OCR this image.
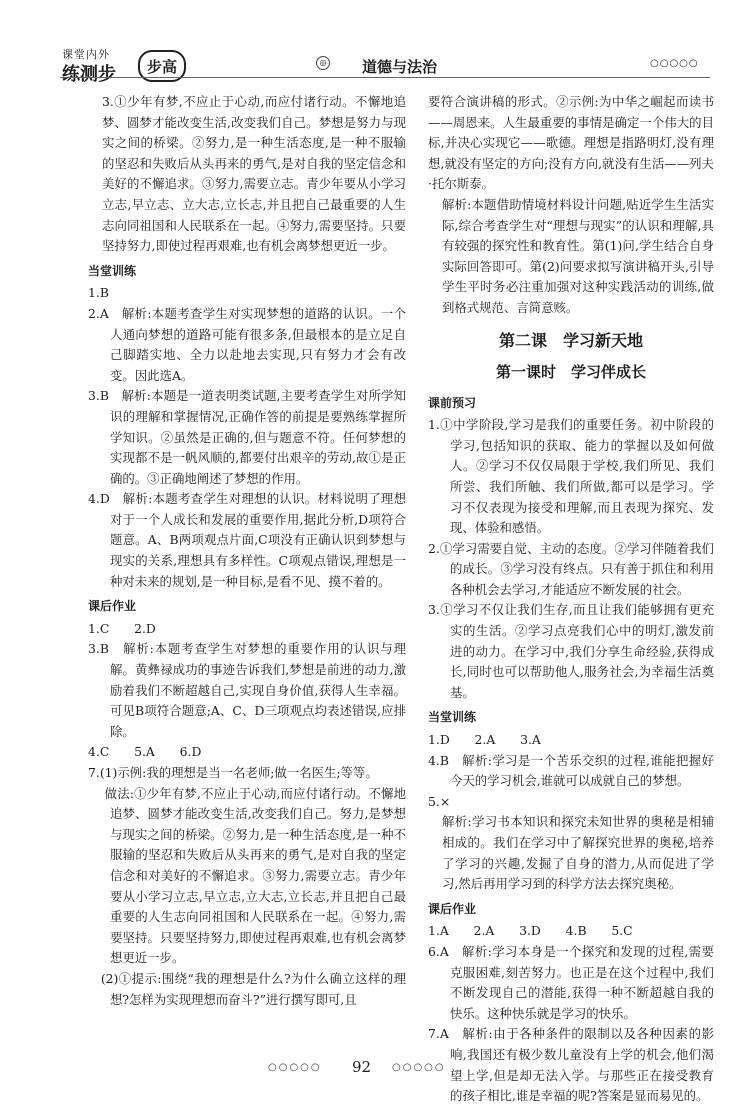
课堂内外
练测步	步高	◎ 道德与法治	○○○○○

3.①少年有梦,不应止于心动,而应付诸行动。不懈地追梦、圆梦才能改变生活,改变我们自己。梦想是努力与现实之间的桥梁。②努力,是一种生活态度,是一种不服输的坚忍和失败后从头再来的勇气,是对自我的坚定信念和美好的不懈追求。③努力,需要立志。青少年要从小学习立志,早立志、立大志,立长志,并且把自己最重要的人生志向同祖国和人民联系在一起。④努力,需要坚持。只要坚持努力,即使过程再艰难,也有机会离梦想更近一步。

当堂训练

1.B

2.A　解析:本题考查学生对实现梦想的道路的认识。一个人通向梦想的道路可能有很多条,但最根本的是立足自己脚踏实地、全力以赴地去实现,只有努力才会有改变。因此选A。

3.B　解析:本题是一道表明类试题,主要考查学生对所学知识的理解和掌握情况,正确作答的前提是要熟练掌握所学知识。②虽然是正确的,但与题意不符。任何梦想的实现都不是一帆风顺的,都要付出艰辛的劳动,故①是正确的。③正确地阐述了梦想的作用。

4.D　解析:本题考查学生对理想的认识。材料说明了理想对于一个人成长和发展的重要作用,据此分析,D项符合题意。A、B两项观点片面,C项没有正确认识到梦想与现实的关系,理想具有多样性。C项观点错误,理想是一种对未来的规划,是一种目标,是看不见、摸不着的。

课后作业

1.C　　2.D

3.B　解析:本题考查学生对梦想的重要作用的认识与理解。黄彝禄成功的事迹告诉我们,梦想是前进的动力,激励着我们不断超越自己,实现自身价值,获得人生幸福。可见B项符合题意;A、C、D三项观点均表述错误,应排除。

4.C　　5.A　　6.D

7.(1)示例:我的理想是当一名老师;做一名医生;等等。

　 做法:①少年有梦,不应止于心动,而应付诸行动。不懈地追梦、圆梦才能改变生活,改变我们自己。努力,是梦想与现实之间的桥梁。②努力,是一种生活态度,是一种不服输的坚忍和失败后从头再来的勇气,是对自我的坚定信念和对美好的不懈追求。③努力,需要立志。青少年要从小学习立志,早立志,立大志,立长志,并且把自己最重要的人生志向同祖国和人民联系在一起。④努力,需要坚持。只要坚持努力,即使过程再艰难,也有机会离梦想更近一步。

　(2)①提示:围绕“我的理想是什么?为什么确立这样的理想?怎样为实现理想而奋斗?”进行撰写即可,且

要符合演讲稿的形式。②示例:为中华之崛起而读书——周恩来。人生最重要的事情是确定一个伟大的目标,并决心实现它——歌德。理想是指路明灯,没有理想,就没有坚定的方向;没有方向,就没有生活——列夫·托尔斯泰。

解析:本题借助情境材料设计问题,贴近学生生活实际,综合考查学生对“理想与现实”的认识和理解,具有较强的探究性和教育性。第(1)问,学生结合自身实际回答即可。第(2)问要求拟写演讲稿开头,引导学生平时务必注重加强对这种实践活动的训练,做到格式规范、言简意赅。

第二课　学习新天地

第一课时　学习伴成长

课前预习

1.①中学阶段,学习是我们的重要任务。初中阶段的学习,包括知识的获取、能力的掌握以及如何做人。②学习不仅仅局限于学校,我们所见、我们所尝、我们所触、我们所做,都可以是学习。学习不仅表现为接受和理解,而且表现为探究、发现、体验和感悟。

2.①学习需要自觉、主动的态度。②学习伴随着我们的成长。③学习没有终点。只有善于抓住和利用各种机会去学习,才能适应不断发展的社会。

3.①学习不仅让我们生存,而且让我们能够拥有更充实的生活。②学习点亮我们心中的明灯,激发前进的动力。在学习中,我们分享生命经验,获得成长,同时也可以帮助他人,服务社会,为幸福生活奠基。

当堂训练

1.D　　2.A　　3.A

4.B　解析:学习是一个苦乐交织的过程,谁能把握好今天的学习机会,谁就可以成就自己的梦想。

5.×

解析:学习书本知识和探究未知世界的奥秘是相辅相成的。我们在学习中了解探究世界的奥秘,培养了学习的兴趣,发掘了自身的潜力,从而促进了学习,然后再用学习到的科学方法去探究奥秘。

课后作业

1.A　　2.A　　3.D　　4.B　　5.C

6.A　解析:学习本身是一个探究和发现的过程,需要克服困难,刻苦努力。也正是在这个过程中,我们不断发现自己的潜能,获得一种不断超越自我的快乐。这种快乐就是学习的快乐。

7.A　解析:由于各种条件的限制以及各种因素的影响,我国还有极少数儿童没有上学的机会,他们渴望上学,但是却无法入学。与那些正在接受教育的孩子相比,谁是幸福的呢?答案是显而易见的。

○○○○○ 92 ○○○○○
